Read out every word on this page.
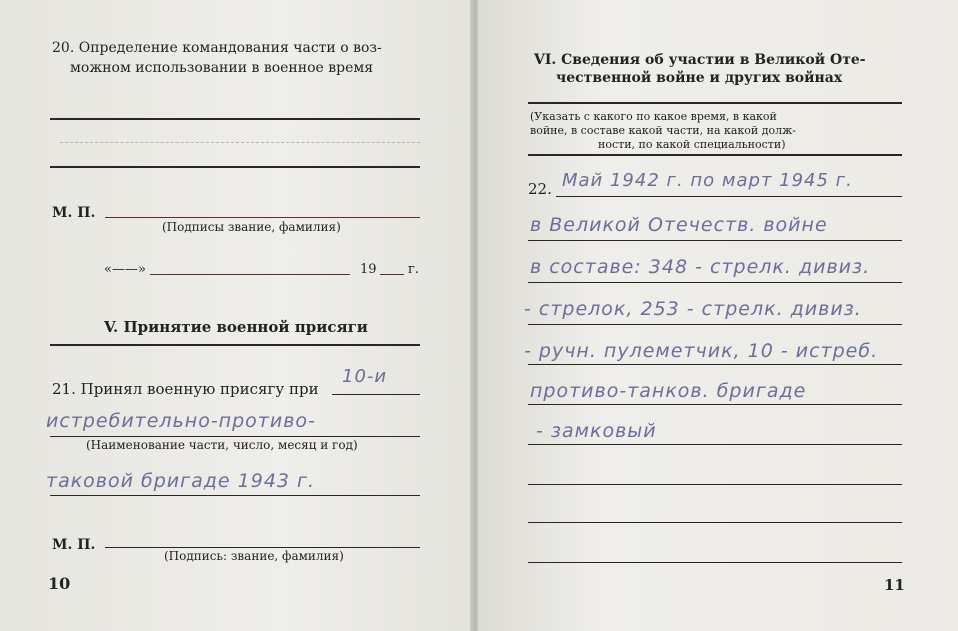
20. Определение командования части о воз-
можном использовании в военное время
М. П.
(Подписы звание, фамилия)
«——»	19 г.
V. Принятие военной присяги
21. Принял военную присягу при
10-и
истребительно-противо-
(Наименование части, число, месяц и год)
таковой бригаде 1943 г.
М. П.
(Подпись: звание, фамилия)
10
VI. Сведения об участии в Великой Оте-
чественной войне и других войнах
(Указать с какого по какое время, в какой
войне, в составе какой части, на какой долж-
ности, по какой специальности)
22. Май 1942 г. по март 1945 г.
в Великой Отечеств. войне
в составе: 348 - стрелк. дивиз.
- стрелок, 253 - стрелк. дивиз.
- ручн. пулеметчик, 10 - истреб.
противо-танков. бригаде
- замковый
11
